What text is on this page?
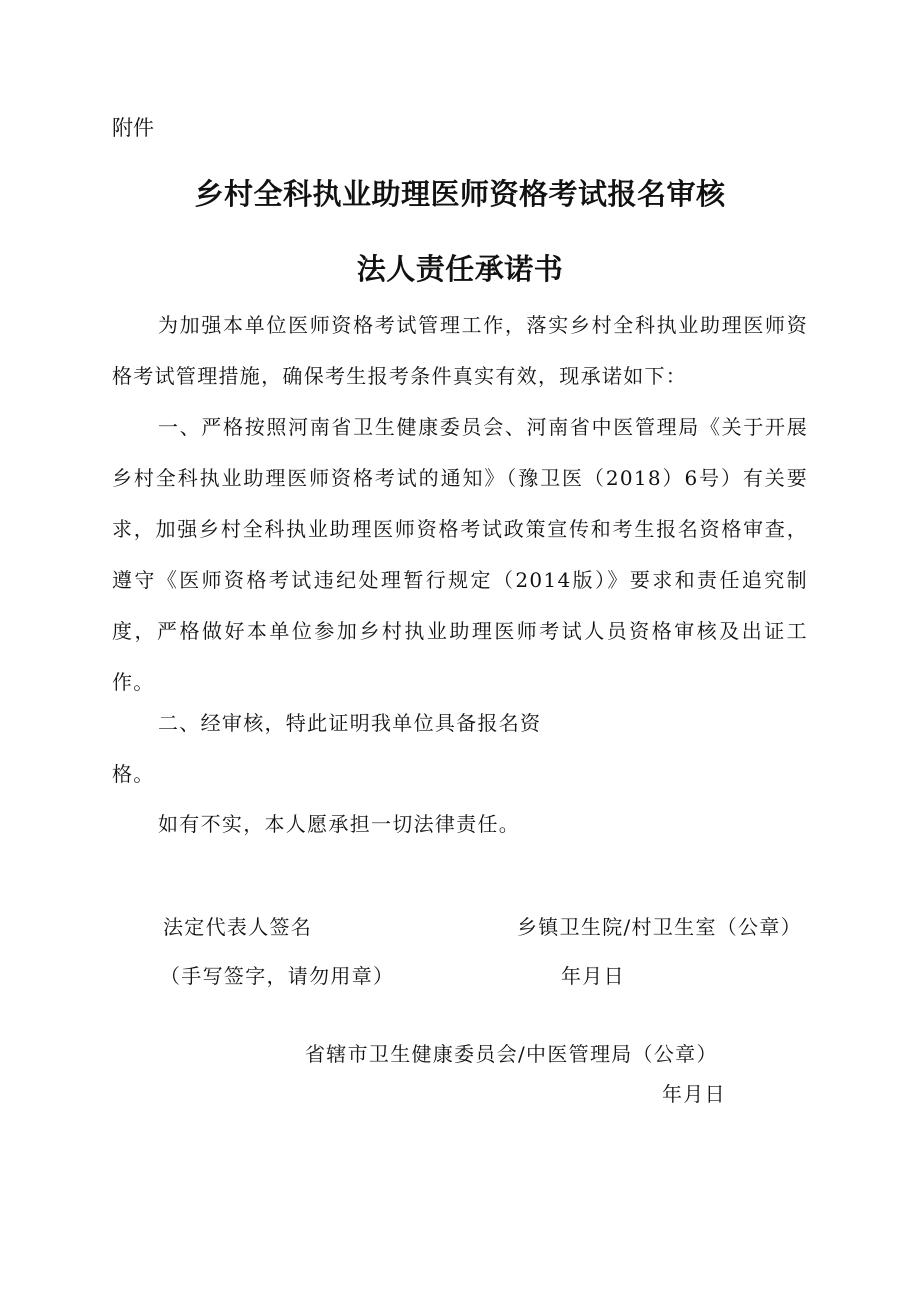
附件
乡村全科执业助理医师资格考试报名审核
法人责任承诺书

为加强本单位医师资格考试管理工作，落实乡村全科执业助理医师资格考试管理措施，确保考生报考条件真实有效，现承诺如下：

一、严格按照河南省卫生健康委员会、河南省中医管理局《关于开展乡村全科执业助理医师资格考试的通知》（豫卫医（2018）6号）有关要求，加强乡村全科执业助理医师资格考试政策宣传和考生报名资格审查，遵守《医师资格考试违纪处理暂行规定（2014版）》要求和责任追究制度，严格做好本单位参加乡村执业助理医师考试人员资格审核及出证工作。

二、经审核，特此证明我单位具备报名资
格。

如有不实，本人愿承担一切法律责任。

法定代表人签名	乡镇卫生院/村卫生室（公章）
（手写签字，请勿用章）	年月日
省辖市卫生健康委员会/中医管理局（公章）
年月日
